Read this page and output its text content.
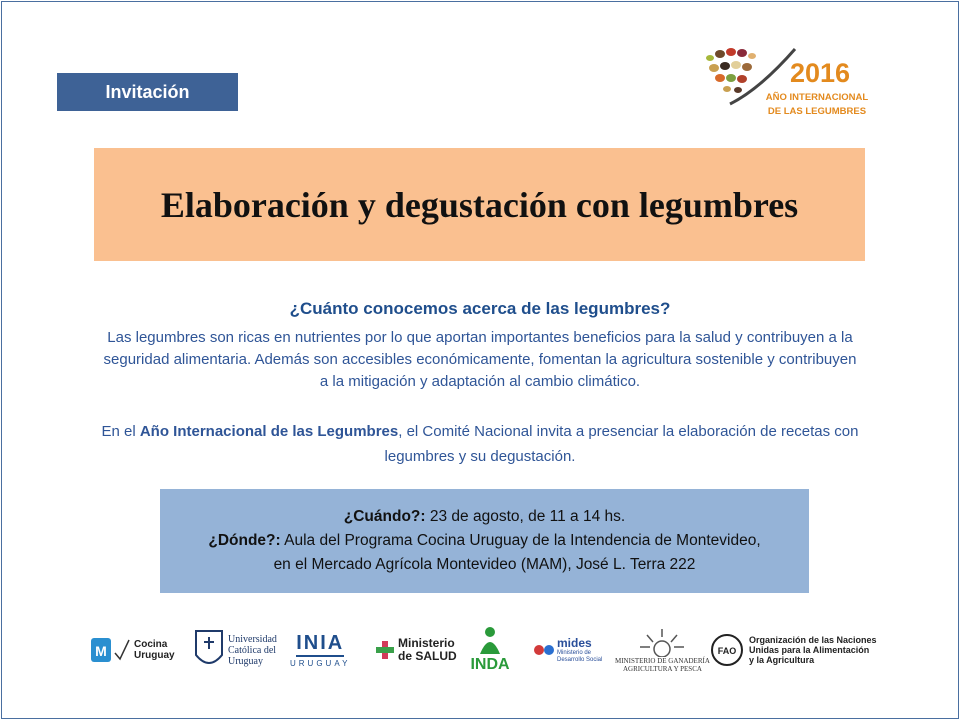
Invitación
2016
AÑO INTERNACIONAL
DE LAS LEGUMBRES
Elaboración y degustación con legumbres
¿Cuánto conocemos acerca de las legumbres?
Las legumbres son ricas en nutrientes por lo que aportan importantes beneficios para la salud y contribuyen a la seguridad alimentaria. Además son accesibles económicamente, fomentan la agricultura sostenible y contribuyen a la mitigación y adaptación al cambio climático.
En el Año Internacional de las Legumbres, el Comité Nacional invita a presenciar la elaboración de recetas con legumbres y su degustación.
¿Cuándo?: 23 de agosto, de 11 a 14 hs.
¿Dónde?: Aula del Programa Cocina Uruguay de la Intendencia de Montevideo,
en el Mercado Agrícola Montevideo (MAM), José L. Terra 222
M	Cocina
Uruguay
Universidad
Católica del
Uruguay
INIA
URUGUAY
Ministerio
de SALUD INDA
mides
Ministerio de
Desarrollo Social MINISTERIO DE GANADERÍA
AGRICULTURA Y PESCA
FAO
Organización de las Naciones
Unidas para la Alimentación
y la Agricultura
